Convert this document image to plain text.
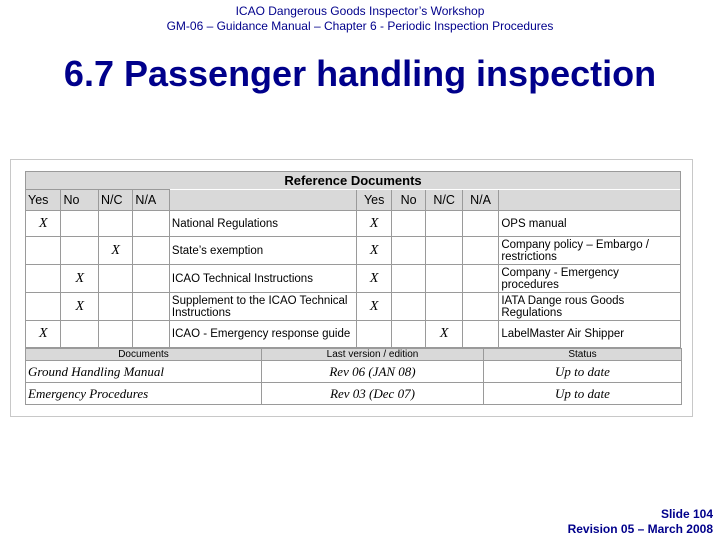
ICAO Dangerous Goods Inspector’s Workshop
GM-06 – Guidance Manual – Chapter 6 - Periodic Inspection Procedures
6.7 Passenger handling inspection
Reference Documents									
Yes	No	N/C	N/A		Yes	No	N/C	N/A	
X				National Regulations	X				OPS manual
		X		State’s exemption	X				Company policy – Embargo / restrictions
	X			ICAO Technical Instructions	X				Company - Emergency procedures
	X			Supplement to the ICAO Technical Instructions	X				IATA Dange rous Goods Regulations
X				ICAO - Emergency response guide			X		LabelMaster Air Shipper
Documents	Last version / edition	Status
Ground Handling Manual	Rev 06 (JAN 08)	Up to date
Emergency Procedures	Rev 03 (Dec 07)	Up to date
Slide 104
Revision 05 – March 2008
